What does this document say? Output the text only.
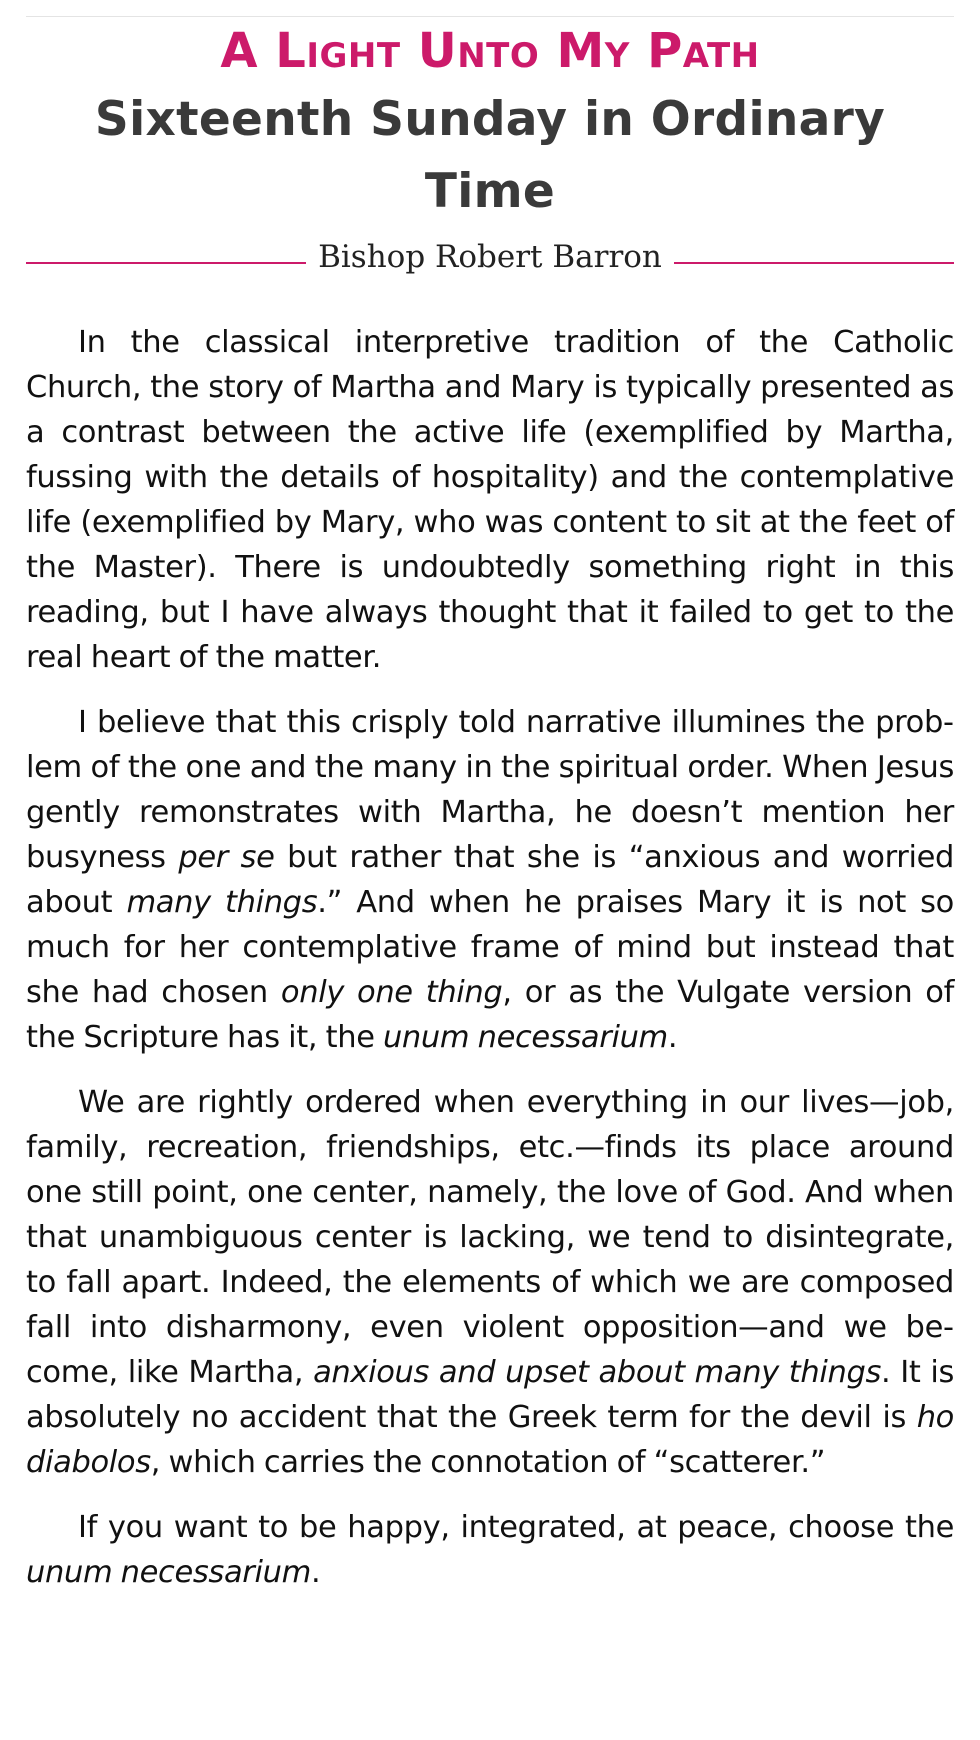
A Light Unto My Path
Sixteenth Sunday in Ordinary Time
Bishop Robert Barron

In the classical interpretive tradition of the Catholic Church, the story of Martha and Mary is typically presented as a contrast between the active life (exemplified by Martha, fussing with the details of hospitality) and the contemplative life (exemplified by Mary, who was content to sit at the feet of the Master). There is undoubtedly something right in this reading, but I have always thought that it failed to get to the real heart of the matter.

I believe that this crisply told narrative illumines the problem of the one and the many in the spiritual order. When Jesus gently remonstrates with Martha, he doesn’t mention her busyness per se but rather that she is “anxious and worried about many things.” And when he praises Mary it is not so much for her contemplative frame of mind but instead that she had chosen only one thing, or as the Vulgate version of the Scripture has it, the unum necessarium.

We are rightly ordered when everything in our lives—job, family, recreation, friendships, etc.—finds its place around one still point, one center, namely, the love of God. And when that unambiguous center is lacking, we tend to disintegrate, to fall apart. Indeed, the elements of which we are composed fall into disharmony, even violent opposition—and we become, like Martha, anxious and upset about many things. It is absolutely no accident that the Greek term for the devil is ho diabolos, which carries the connotation of “scatterer.”

If you want to be happy, integrated, at peace, choose the unum necessarium.
